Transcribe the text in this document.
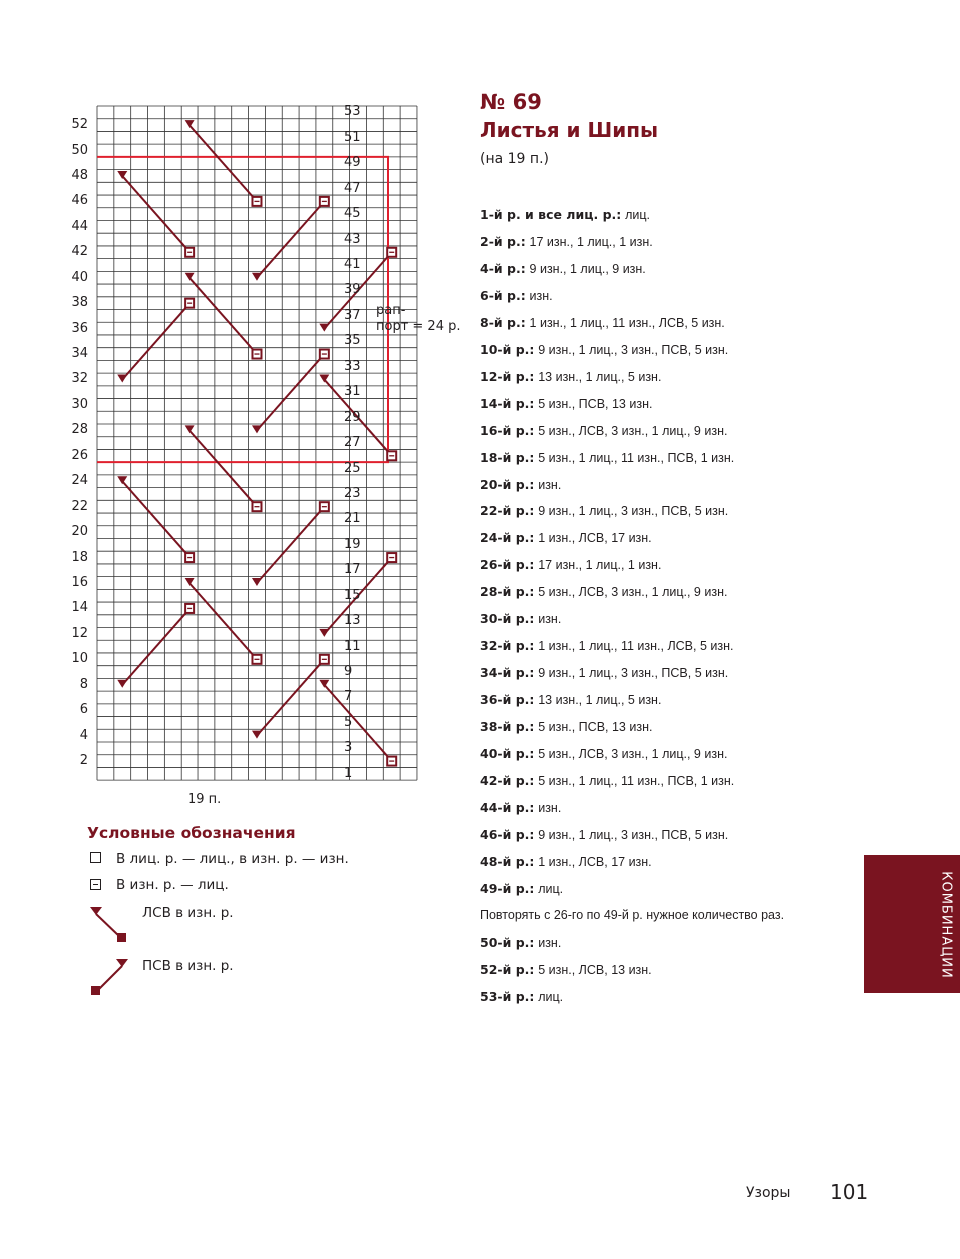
52
50
48
46
44
42
40
38
36
34
32
30
28
26
24
22
20
18
16
14
12
10
8
6
4
2
53
51
49
47
45
43
41
39
37
35
33
31
29
27
25
23
21
19
17
15
13
11
9
7
5
3
1
19 п.
рап-
порт = 24 р.
Условные обозначения
В лиц. р. — лиц., в изн. р. — изн.
В изн. р. — лиц.
ЛСВ в изн. р.
ПСВ в изн. р.
№ 69
Листья и Шипы
(на 19 п.)
1-й р. и все лиц. р.: лиц.
2-й р.: 17 изн., 1 лиц., 1 изн.
4-й р.: 9 изн., 1 лиц., 9 изн.
6-й р.: изн.
8-й р.: 1 изн., 1 лиц., 11 изн., ЛСВ, 5 изн.
10-й р.: 9 изн., 1 лиц., 3 изн., ПСВ, 5 изн.
12-й р.: 13 изн., 1 лиц., 5 изн.
14-й р.: 5 изн., ПСВ, 13 изн.
16-й р.: 5 изн., ЛСВ, 3 изн., 1 лиц., 9 изн.
18-й р.: 5 изн., 1 лиц., 11 изн., ПСВ, 1 изн.
20-й р.: изн.
22-й р.: 9 изн., 1 лиц., 3 изн., ПСВ, 5 изн.
24-й р.: 1 изн., ЛСВ, 17 изн.
26-й р.: 17 изн., 1 лиц., 1 изн.
28-й р.: 5 изн., ЛСВ, 3 изн., 1 лиц., 9 изн.
30-й р.: изн.
32-й р.: 1 изн., 1 лиц., 11 изн., ЛСВ, 5 изн.
34-й р.: 9 изн., 1 лиц., 3 изн., ПСВ, 5 изн.
36-й р.: 13 изн., 1 лиц., 5 изн.
38-й р.: 5 изн., ПСВ, 13 изн.
40-й р.: 5 изн., ЛСВ, 3 изн., 1 лиц., 9 изн.
42-й р.: 5 изн., 1 лиц., 11 изн., ПСВ, 1 изн.
44-й р.: изн.
46-й р.: 9 изн., 1 лиц., 3 изн., ПСВ, 5 изн.
48-й р.: 1 изн., ЛСВ, 17 изн.
49-й р.: лиц.
Повторять с 26-го по 49-й р. нужное количество раз.
50-й р.: изн.
52-й р.: 5 изн., ЛСВ, 13 изн.
53-й р.: лиц.
КОМБИНАЦИИ
Узоры 101
